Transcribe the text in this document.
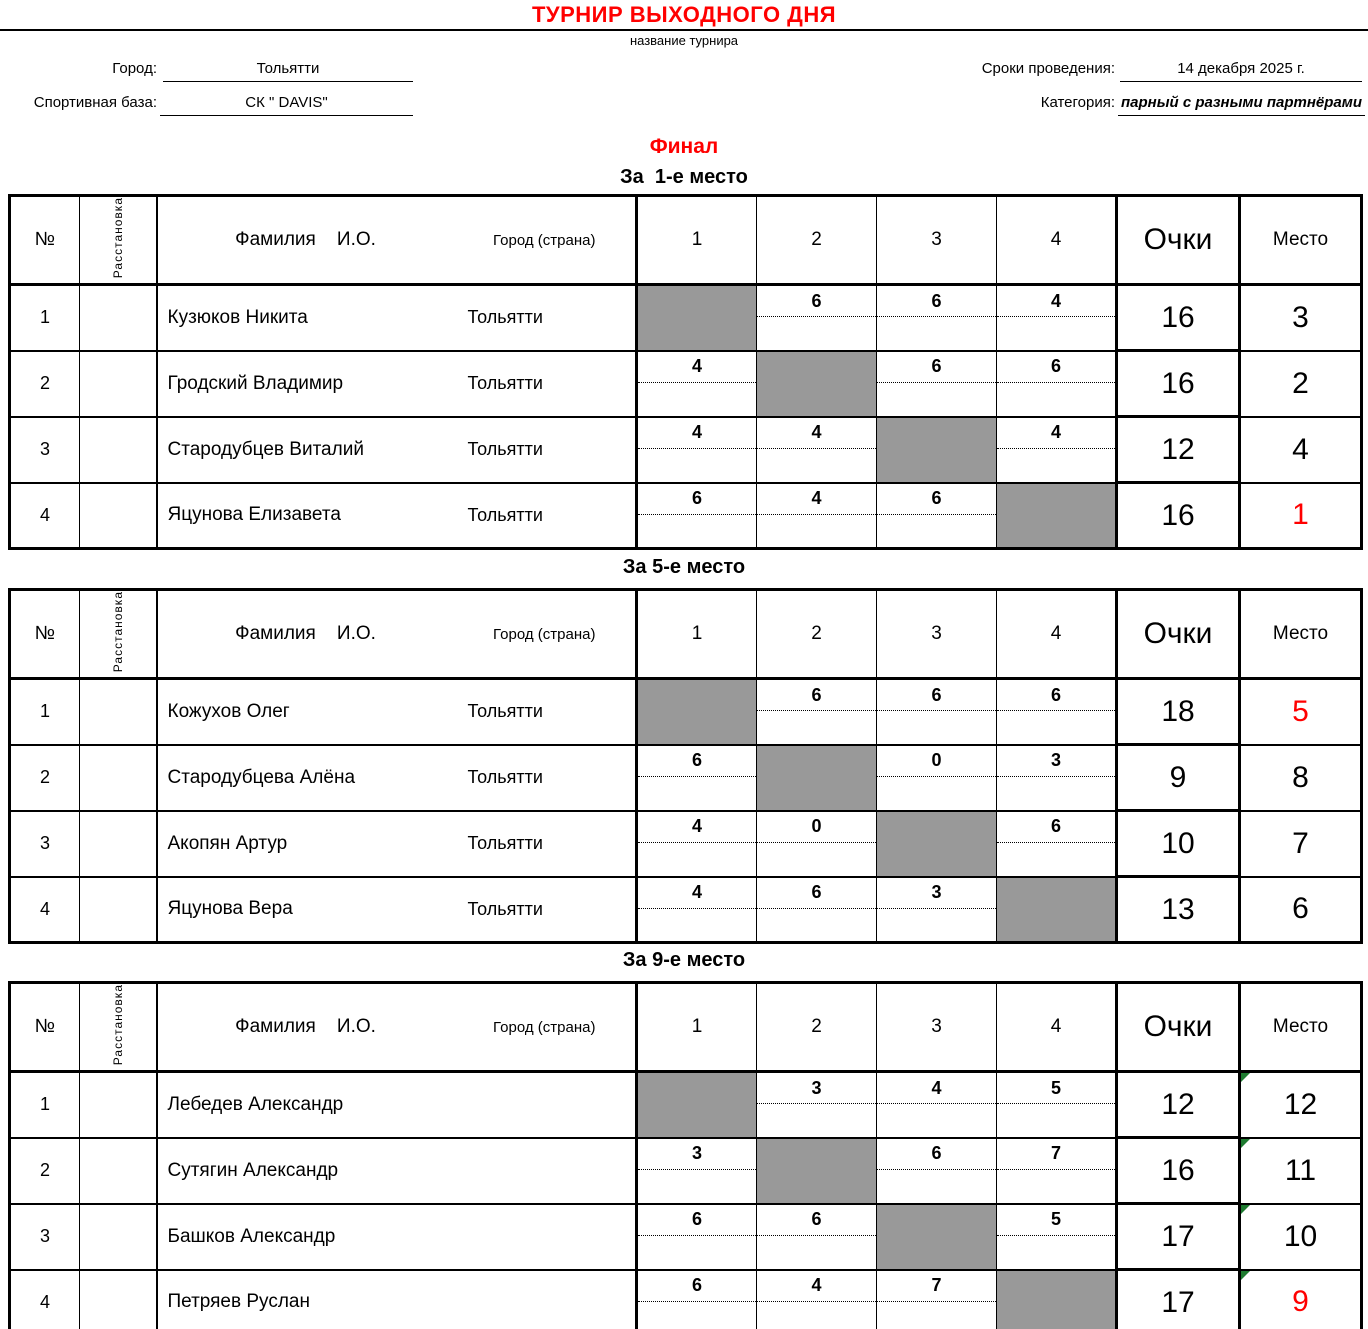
ТУРНИР ВЫХОДНОГО ДНЯ
название турнира
Город:	Тольятти
Спортивная база:	СК " DAVIS"
Сроки проведения:	14 декабря 2025 г.
Категория: парный с разными партнёрами
Финал
За  1-е место
№	Расстановка	Фамилия    И.О. Город (страна)	1	2	3	4	Очки	Место
1		Кузюков Никита Тольятти		6	6	4	16	3
2		Гродский Владимир Тольятти	4		6	6	16	2
3		Стародубцев Виталий Тольятти	4	4		4	12	4
4		Яцунова Елизавета Тольятти	6	4	6		16	1
За 5-е место
№	Расстановка	Фамилия    И.О. Город (страна)	1	2	3	4	Очки	Место
1		Кожухов Олег Тольятти		6	6	6	18	5
2		Стародубцева Алёна Тольятти	6		0	3	9	8
3		Акопян Артур Тольятти	4	0		6	10	7
4		Яцунова Вера Тольятти	4	6	3		13	6
За 9-е место
№	Расстановка	Фамилия    И.О. Город (страна)	1	2	3	4	Очки	Место
1		Лебедев Александр		3	4	5	12	12
2		Сутягин Александр	3		6	7	16	11
3		Башков Александр	6	6		5	17	10
4		Петряев Руслан	6	4	7		17	9
